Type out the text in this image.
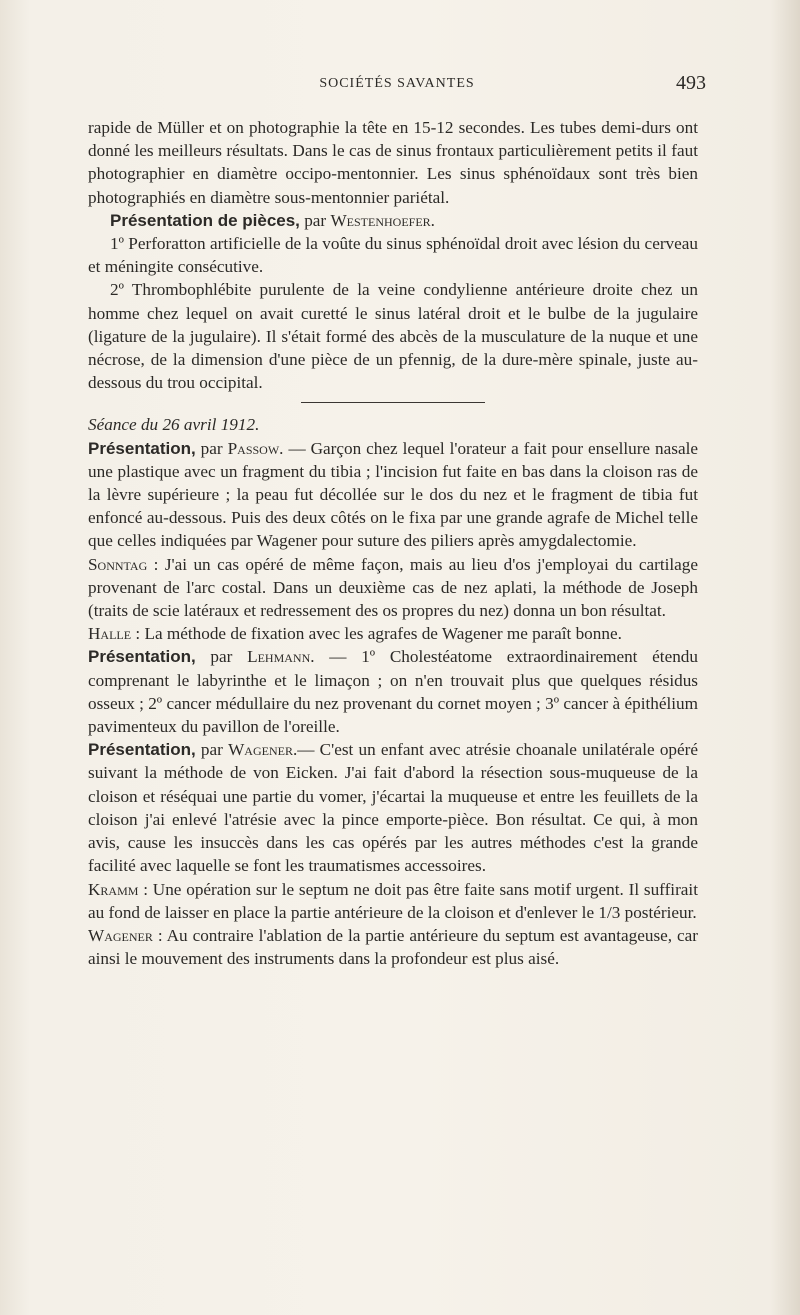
SOCIÉTÉS SAVANTES	493

rapide de Müller et on photographie la tête en 15-12 secondes. Les tubes demi-durs ont donné les meilleurs résultats. Dans le cas de sinus frontaux particulièrement petits il faut photographier en diamètre occipo-mentonnier. Les sinus sphénoïdaux sont très bien photographiés en diamètre sous-mentonnier pariétal.

Présentation de pièces, par Westenhoefer.

1º Perforatton artificielle de la voûte du sinus sphénoïdal droit avec lésion du cerveau et méningite consécutive.

2º Thrombophlébite purulente de la veine condylienne antérieure droite chez un homme chez lequel on avait curetté le sinus latéral droit et le bulbe de la jugulaire (ligature de la jugulaire). Il s'était formé des abcès de la musculature de la nuque et une nécrose, de la dimension d'une pièce de un pfennig, de la dure-mère spinale, juste au-dessous du trou occipital.

Séance du 26 avril 1912.

Présentation, par Passow. — Garçon chez lequel l'orateur a fait pour ensellure nasale une plastique avec un fragment du tibia ; l'incision fut faite en bas dans la cloison ras de la lèvre supérieure ; la peau fut décollée sur le dos du nez et le fragment de tibia fut enfoncé au-dessous. Puis des deux côtés on le fixa par une grande agrafe de Michel telle que celles indiquées par Wagener pour suture des piliers après amygdalectomie.

Sonntag : J'ai un cas opéré de même façon, mais au lieu d'os j'employai du cartilage provenant de l'arc costal. Dans un deuxième cas de nez aplati, la méthode de Joseph (traits de scie latéraux et redressement des os propres du nez) donna un bon résultat.

Halle : La méthode de fixation avec les agrafes de Wagener me paraît bonne.

Présentation, par Lehmann. — 1º Cholestéatome extraordinairement étendu comprenant le labyrinthe et le limaçon ; on n'en trouvait plus que quelques résidus osseux ; 2º cancer médullaire du nez provenant du cornet moyen ; 3º cancer à épithélium pavimenteux du pavillon de l'oreille.

Présentation, par Wagener.— C'est un enfant avec atrésie choanale unilatérale opéré suivant la méthode de von Eicken. J'ai fait d'abord la résection sous-muqueuse de la cloison et réséquai une partie du vomer, j'écartai la muqueuse et entre les feuillets de la cloison j'ai enlevé l'atrésie avec la pince emporte-pièce. Bon résultat. Ce qui, à mon avis, cause les insuccès dans les cas opérés par les autres méthodes c'est la grande facilité avec laquelle se font les traumatismes accessoires.

Kramm : Une opération sur le septum ne doit pas être faite sans motif urgent. Il suffirait au fond de laisser en place la partie antérieure de la cloison et d'enlever le 1/3 postérieur.

Wagener : Au contraire l'ablation de la partie antérieure du septum est avantageuse, car ainsi le mouvement des instruments dans la profondeur est plus aisé.
